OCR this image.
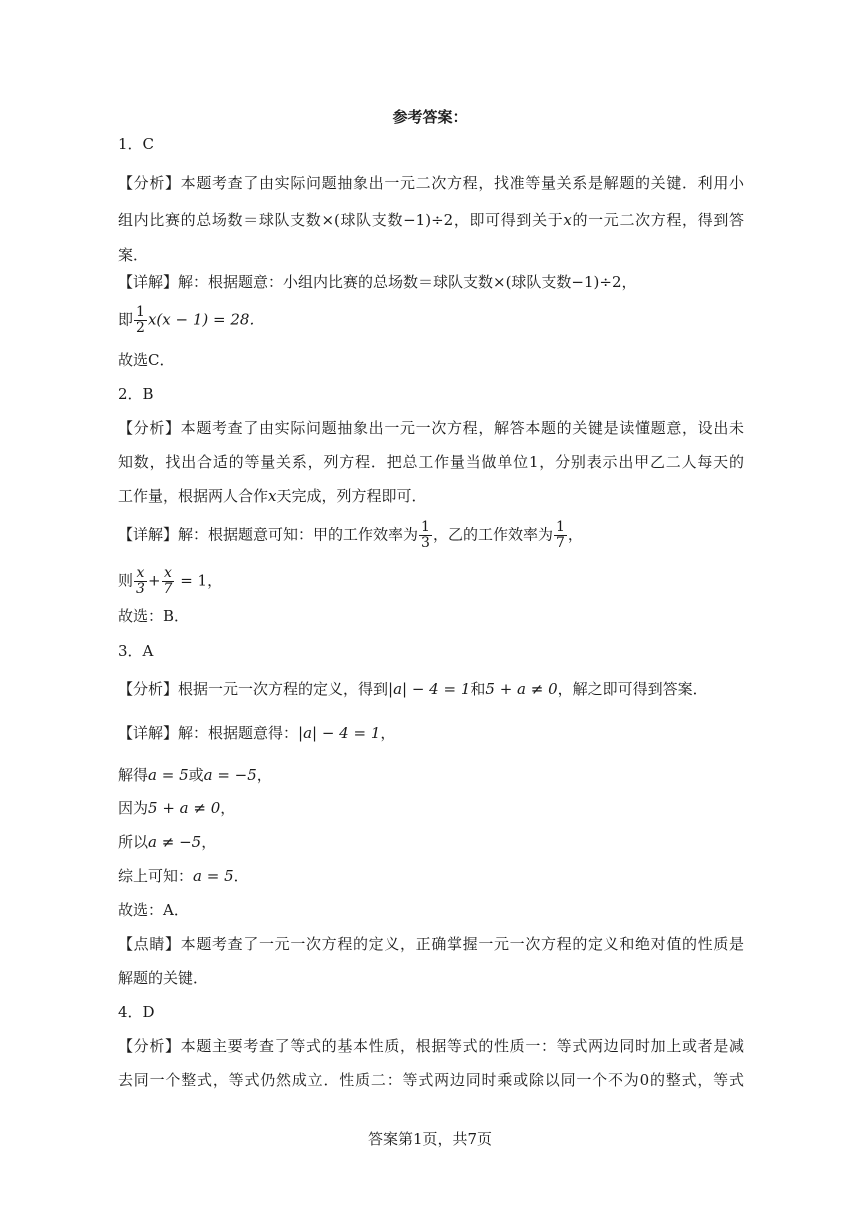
参考答案：
1．C
【分析】本题考查了由实际问题抽象出一元二次方程，找准等量关系是解题的关键．利用小
组内比赛的总场数＝球队支数×(球队支数−1)÷2，即可得到关于x的一元二次方程，得到答
案．
【详解】解：根据题意：小组内比赛的总场数＝球队支数×(球队支数−1)÷2，
即 $\frac{1}{2} x(x - 1) = 28$．
故选C．
2．B
【分析】本题考查了由实际问题抽象出一元一次方程，解答本题的关键是读懂题意，设出未
知数，找出合适的等量关系，列方程．把总工作量当做单位1，分别表示出甲乙二人每天的
工作量，根据两人合作x天完成，列方程即可．
【详解】解：根据题意可知：甲的工作效率为 $\frac{1}{3}$ ，乙的工作效率为 $\frac{1}{7}$ ，
则 $\frac{x}{3} + \frac{x}{7} = 1$，
故选：B．
3．A
【分析】根据一元一次方程的定义，得到|a| − 4 = 1和5 + a ≠ 0，解之即可得到答案．
【详解】解：根据题意得：|a| − 4 = 1，
解得a = 5或a = −5，
因为5 + a ≠ 0，
所以a ≠ −5，
综上可知：a = 5．
故选：A．
【点睛】本题考查了一元一次方程的定义，正确掌握一元一次方程的定义和绝对值的性质是
解题的关键．
4．D
【分析】本题主要考查了等式的基本性质，根据等式的性质一：等式两边同时加上或者是减
去同一个整式，等式仍然成立．性质二：等式两边同时乘或除以同一个不为0的整式，等式
答案第1页，共7页
